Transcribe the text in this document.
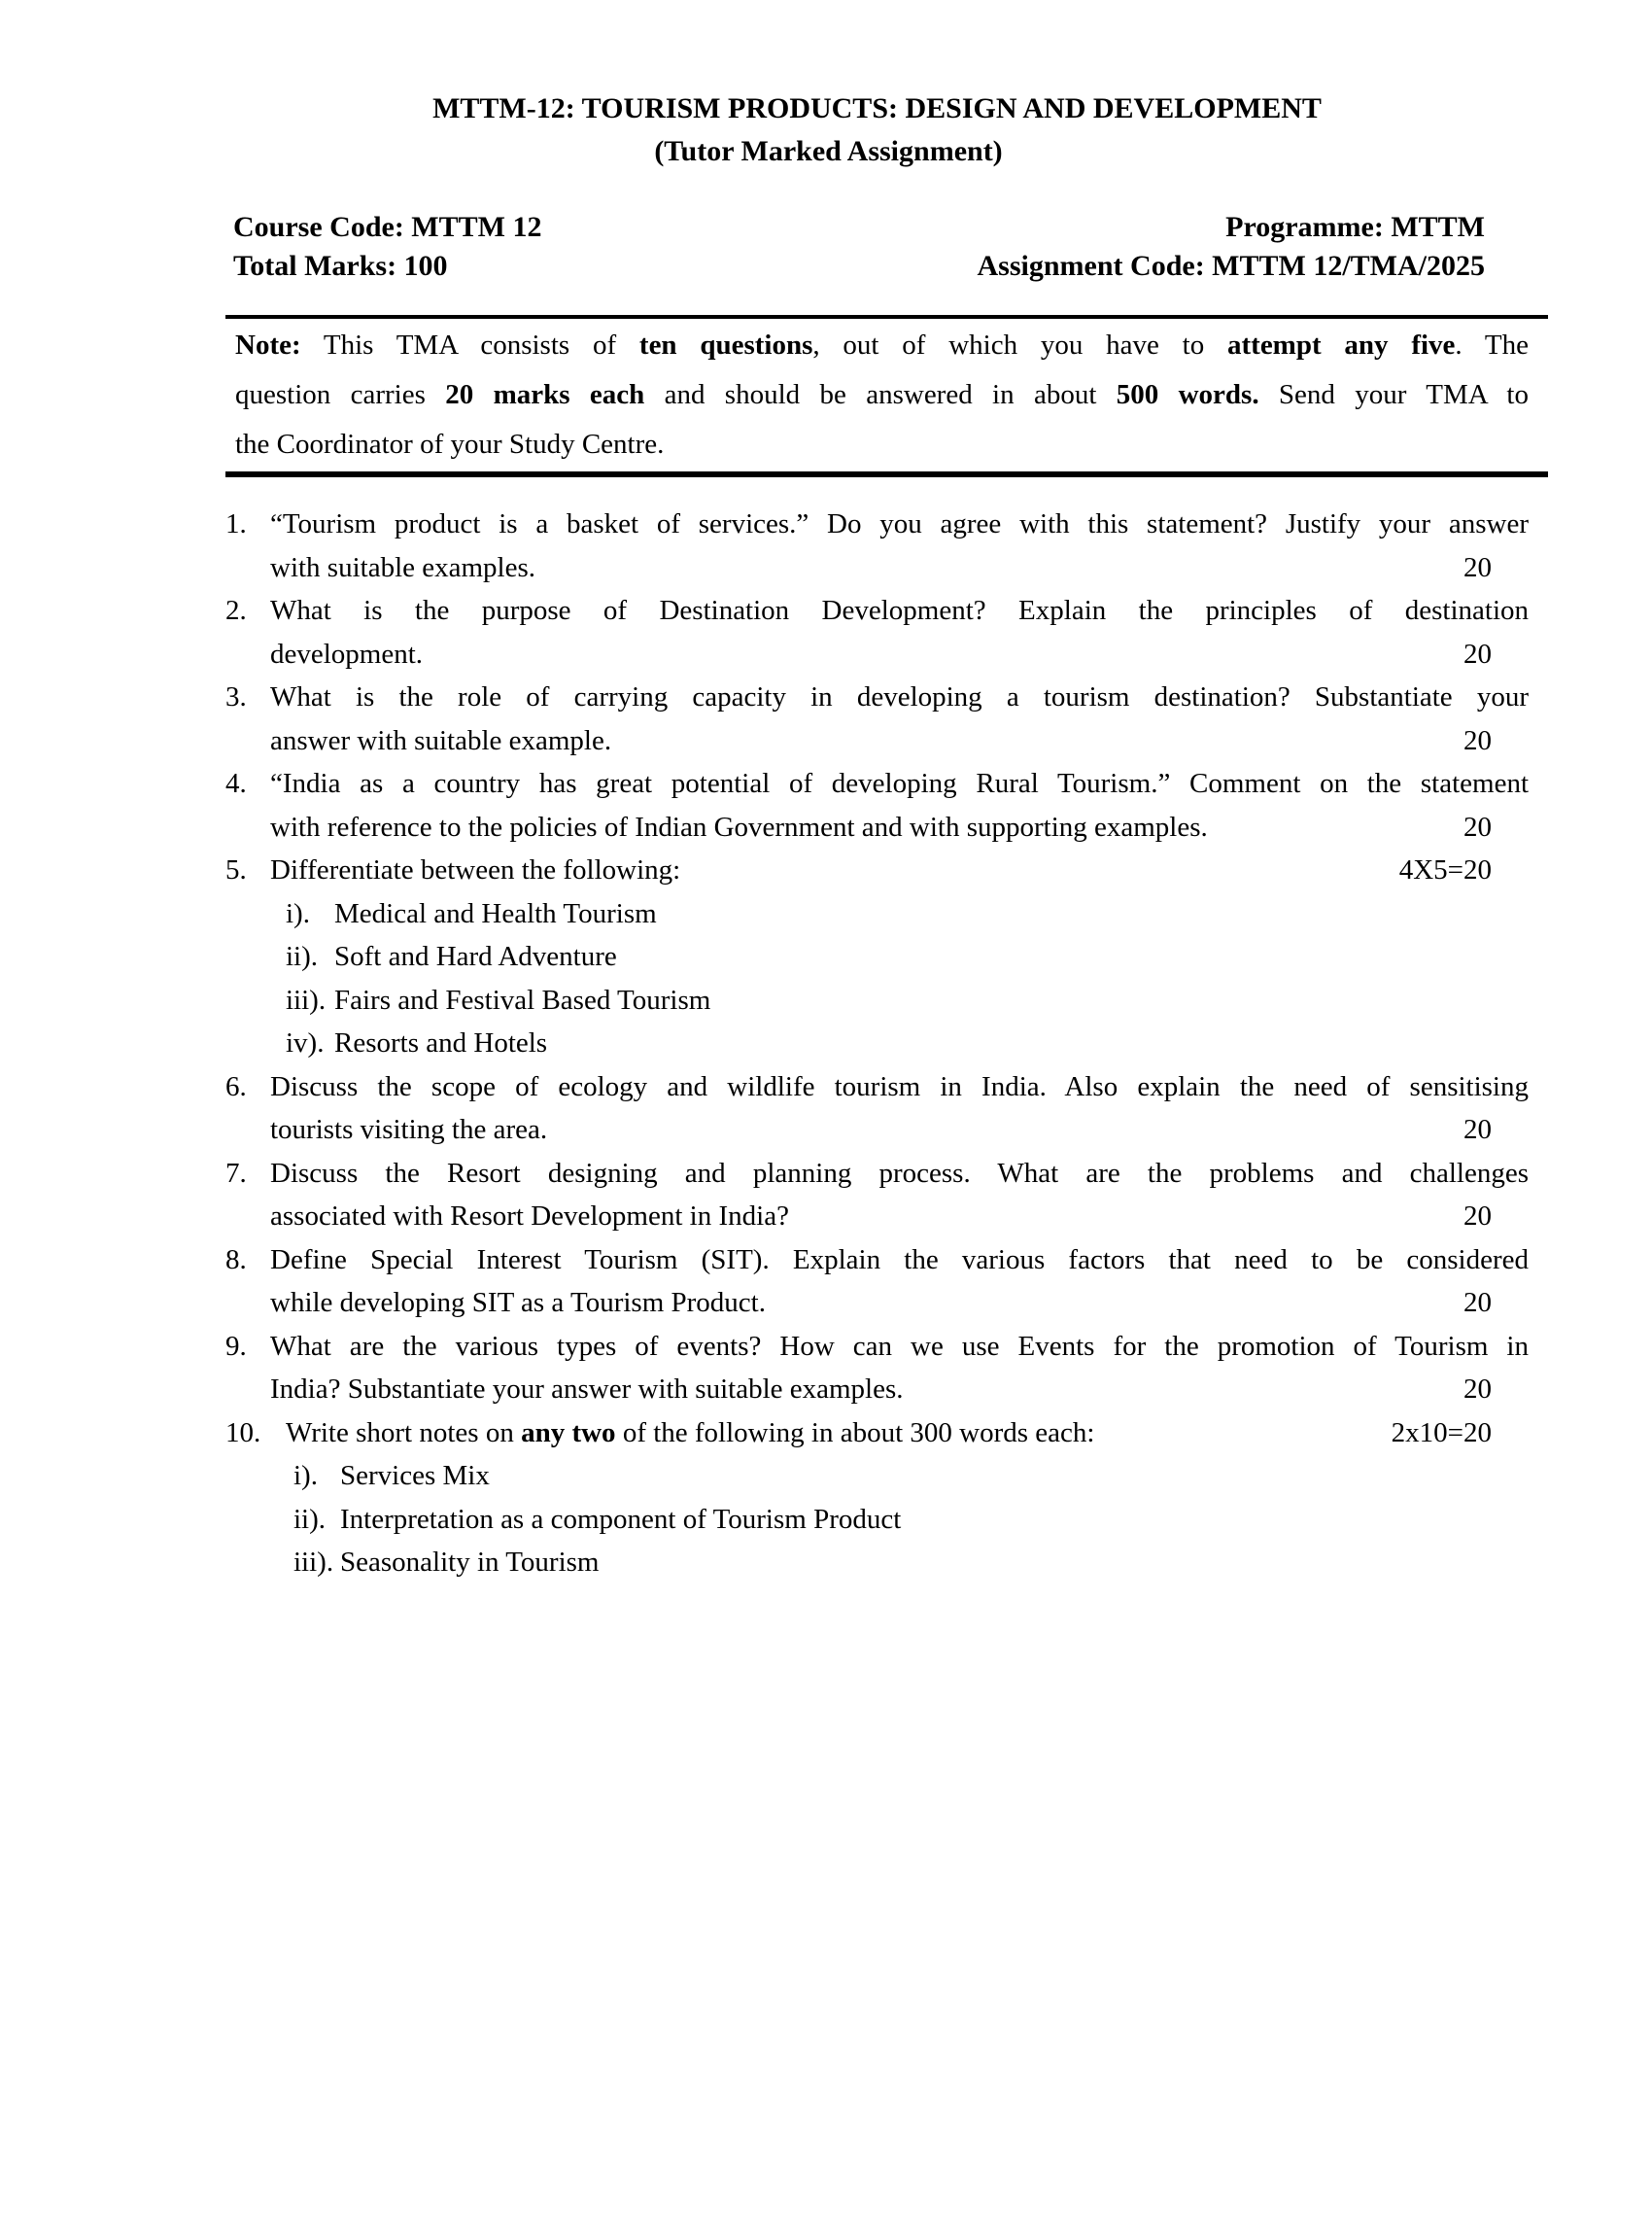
MTTM-12: TOURISM PRODUCTS: DESIGN AND DEVELOPMENT
(Tutor Marked Assignment)
Course Code: MTTM 12
Total Marks: 100
Programme: MTTM
Assignment Code: MTTM 12/TMA/2025
Note: This TMA consists of ten questions, out of which you have to attempt any five. The
question carries 20 marks each and should be answered in about 500 words. Send your TMA to
the Coordinator of your Study Centre.
1. “Tourism product is a basket of services.” Do you agree with this statement? Justify your answer
with suitable examples.	20
2. What is the purpose of Destination Development? Explain the principles of destination
development.	20
3. What is the role of carrying capacity in developing a tourism destination? Substantiate your
answer with suitable example.	20
4. “India as a country has great potential of developing Rural Tourism.” Comment on the statement
with reference to the policies of Indian Government and with supporting examples.	20
5. Differentiate between the following:	4X5=20
i). Medical and Health Tourism
ii). Soft and Hard Adventure
iii). Fairs and Festival Based Tourism
iv). Resorts and Hotels
6. Discuss the scope of ecology and wildlife tourism in India. Also explain the need of sensitising
tourists visiting the area.	20
7. Discuss the Resort designing and planning process. What are the problems and challenges
associated with Resort Development in India?	20
8. Define Special Interest Tourism (SIT). Explain the various factors that need to be considered
while developing SIT as a Tourism Product.	20
9. What are the various types of events? How can we use Events for the promotion of Tourism in
India? Substantiate your answer with suitable examples.	20
10. Write short notes on any two of the following in about 300 words each:	2x10=20
i). Services Mix
ii). Interpretation as a component of Tourism Product
iii). Seasonality in Tourism
